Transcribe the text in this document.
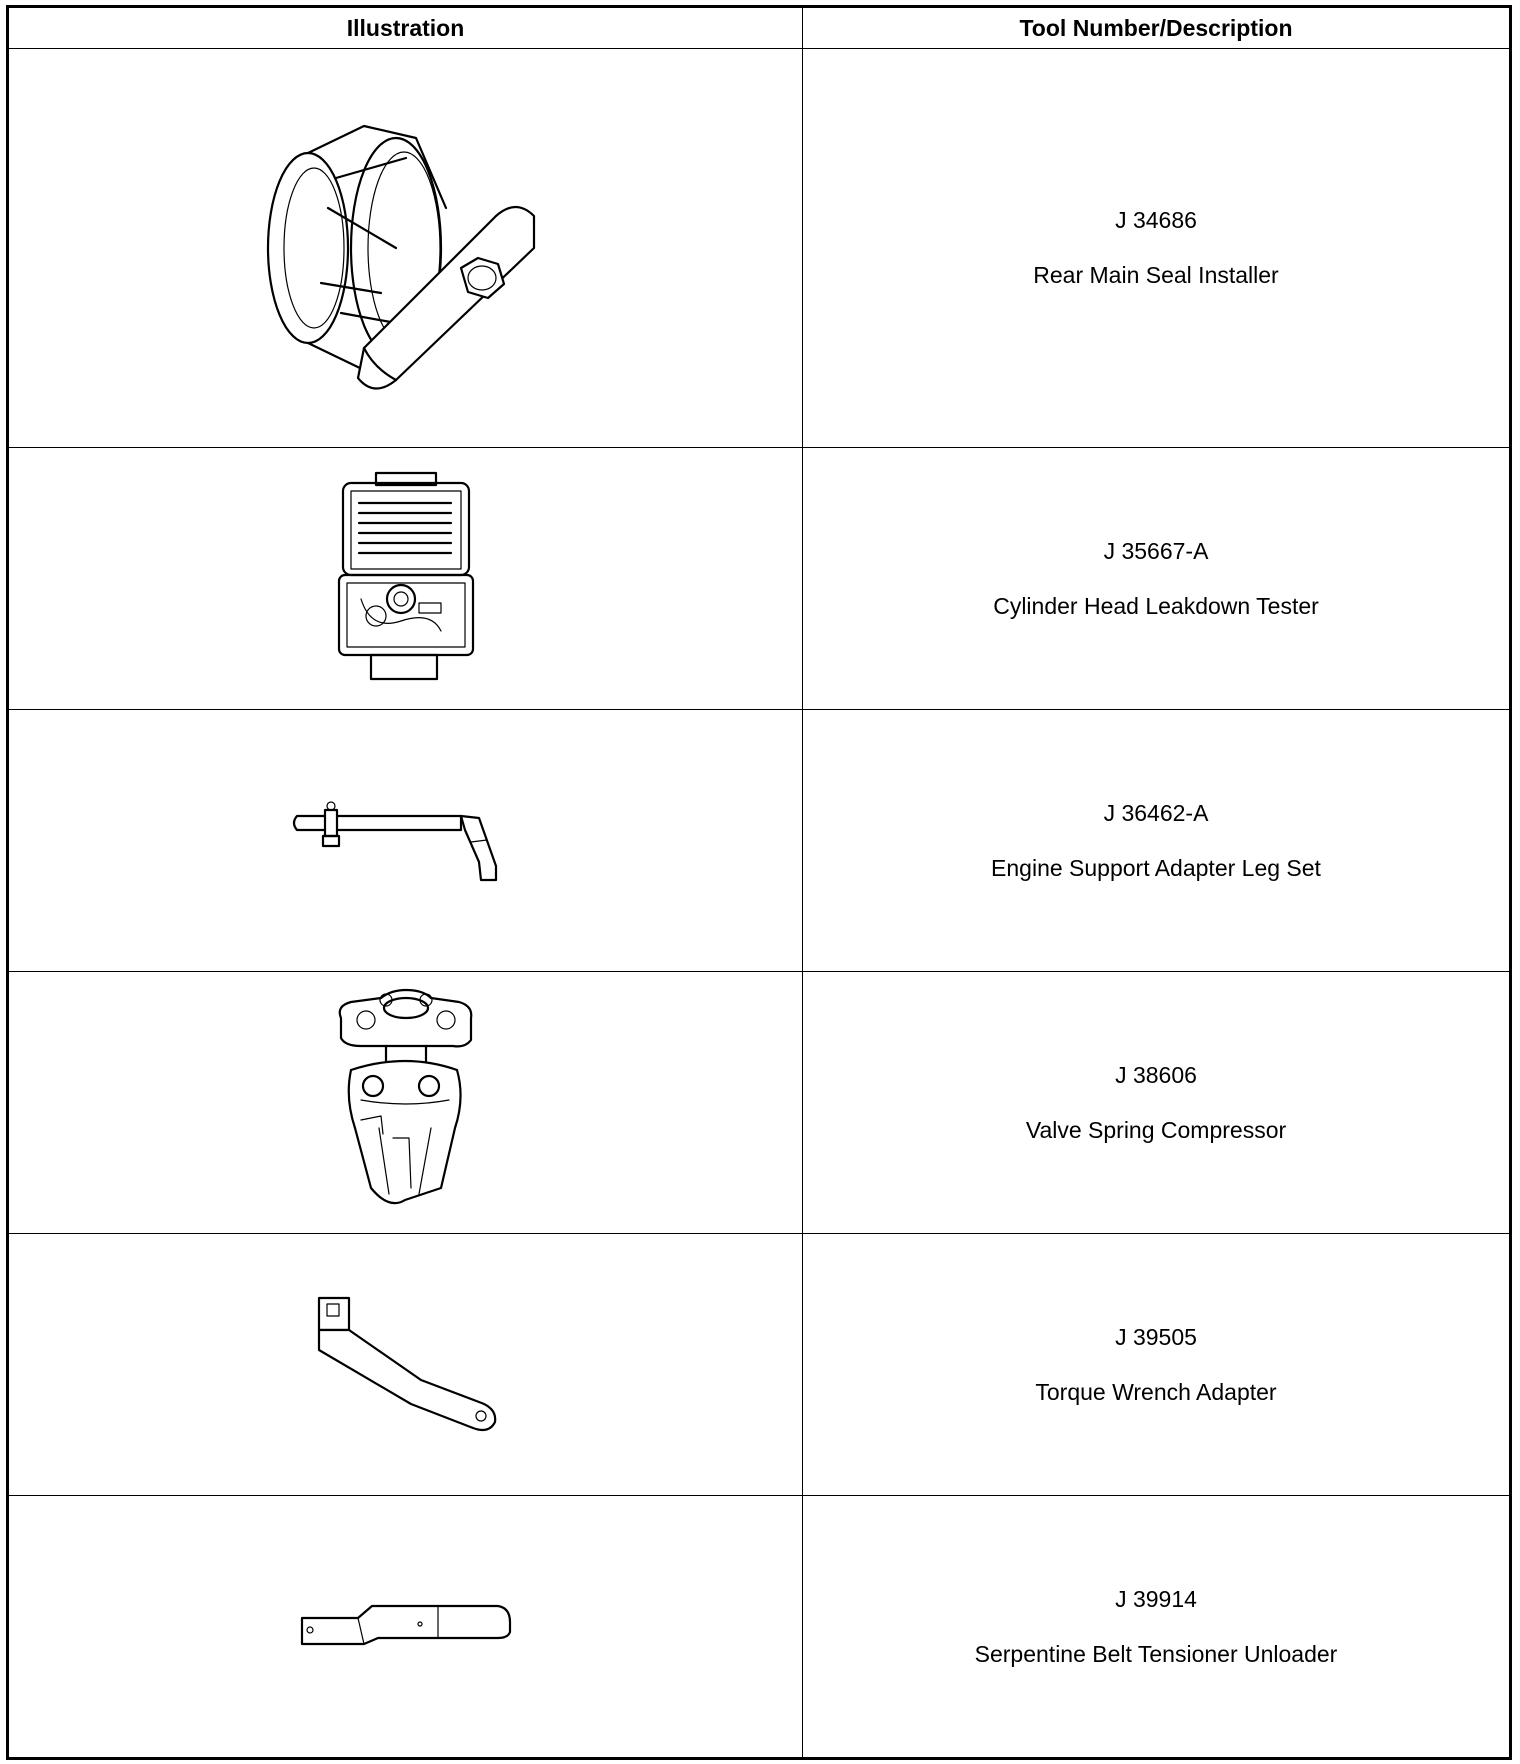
Illustration	Tool Number/Description

J 34686
Rear Main Seal Installer

J 35667-A
Cylinder Head Leakdown Tester

J 36462-A
Engine Support Adapter Leg Set

J 38606
Valve Spring Compressor

J 39505
Torque Wrench Adapter

J 39914
Serpentine Belt Tensioner Unloader
